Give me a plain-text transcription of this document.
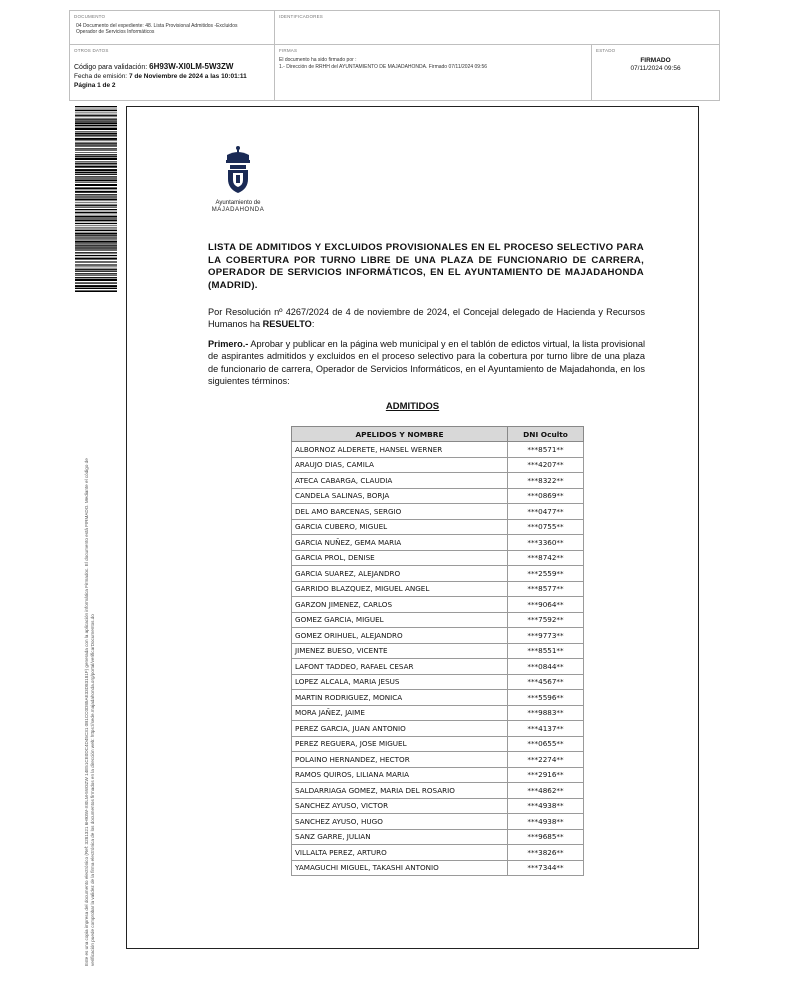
DOCUMENTO
04 Documento del expediente: 48. Lista Provisional Admitidos -Excluidos Operador de Servicios Informáticos
IDENTIFICADORES
OTROS DATOS
Código para validación: 6H93W-XI0LM-5W3ZW
Fecha de emisión: 7 de Noviembre de 2024 a las 10:01:11
Página 1 de 2
FIRMAS
El documento ha sido firmado por :
1.- Dirección de RRHH del AYUNTAMIENTO DE MAJADAHONDA. Firmado 07/11/2024 09:56
ESTADO
FIRMADO
07/11/2024 09:56
Este es una copia impresa del documento electrónico (Ref: 3281321 6H93W-XI0LM-5W3ZW 14E51CE0DC4D45C31 0B1CC0D85AE33D83181F) generada con la aplicación informática Firmadoc. El documento está FIRMADO. Mediante el código de verificación puede comprobar la validez de la firma electrónica de los documentos firmados en la dirección web: https://sede.majadahonda.org/portal/verificarDocumentos.do
Ayuntamiento de
MAJADAHONDA
LISTA DE ADMITIDOS Y EXCLUIDOS PROVISIONALES EN EL PROCESO SELECTIVO PARA LA COBERTURA POR TURNO LIBRE DE UNA PLAZA DE FUNCIONARIO DE CARRERA, OPERADOR DE SERVICIOS INFORMÁTICOS, EN EL AYUNTAMIENTO DE MAJADAHONDA (MADRID).
Por Resolución nº 4267/2024 de 4 de noviembre de 2024, el Concejal delegado de Hacienda y Recursos Humanos ha RESUELTO:
Primero.- Aprobar y publicar en la página web municipal y en el tablón de edictos virtual, la lista provisional de aspirantes admitidos y excluidos en el proceso selectivo para la cobertura por turno libre de una plaza de funcionario de carrera, Operador de Servicios Informáticos, en el Ayuntamiento de Majadahonda, en los siguientes términos:
ADMITIDOS
APELIDOS Y NOMBRE	DNI Oculto
ALBORNOZ ALDERETE, HANSEL WERNER	***8571**
ARAUJO DIAS, CAMILA	***4207**
ATECA CABARGA, CLAUDIA	***8322**
CANDELA SALINAS, BORJA	***0869**
DEL AMO BARCENAS, SERGIO	***0477**
GARCIA CUBERO, MIGUEL	***0755**
GARCIA NUÑEZ, GEMA MARIA	***3360**
GARCIA PROL, DENISE	***8742**
GARCIA SUAREZ, ALEJANDRO	***2559**
GARRIDO BLAZQUEZ, MIGUEL ANGEL	***8577**
GARZON JIMENEZ, CARLOS	***9064**
GOMEZ GARCIA, MIGUEL	***7592**
GOMEZ ORIHUEL, ALEJANDRO	***9773**
JIMENEZ BUESO, VICENTE	***8551**
LAFONT TADDEO, RAFAEL CESAR	***0844**
LOPEZ ALCALA, MARIA JESUS	***4567**
MARTIN RODRIGUEZ, MONICA	***5596**
MORA JAÑEZ, JAIME	***9883**
PEREZ GARCIA, JUAN ANTONIO	***4137**
PEREZ REGUERA, JOSE MIGUEL	***0655**
POLAINO HERNANDEZ, HECTOR	***2274**
RAMOS QUIROS, LILIANA MARIA	***2916**
SALDARRIAGA GOMEZ, MARIA DEL ROSARIO	***4862**
SANCHEZ AYUSO, VICTOR	***4938**
SANCHEZ AYUSO, HUGO	***4938**
SANZ GARRE, JULIAN	***9685**
VILLALTA PEREZ, ARTURO	***3826**
YAMAGUCHI MIGUEL, TAKASHI ANTONIO	***7344**
